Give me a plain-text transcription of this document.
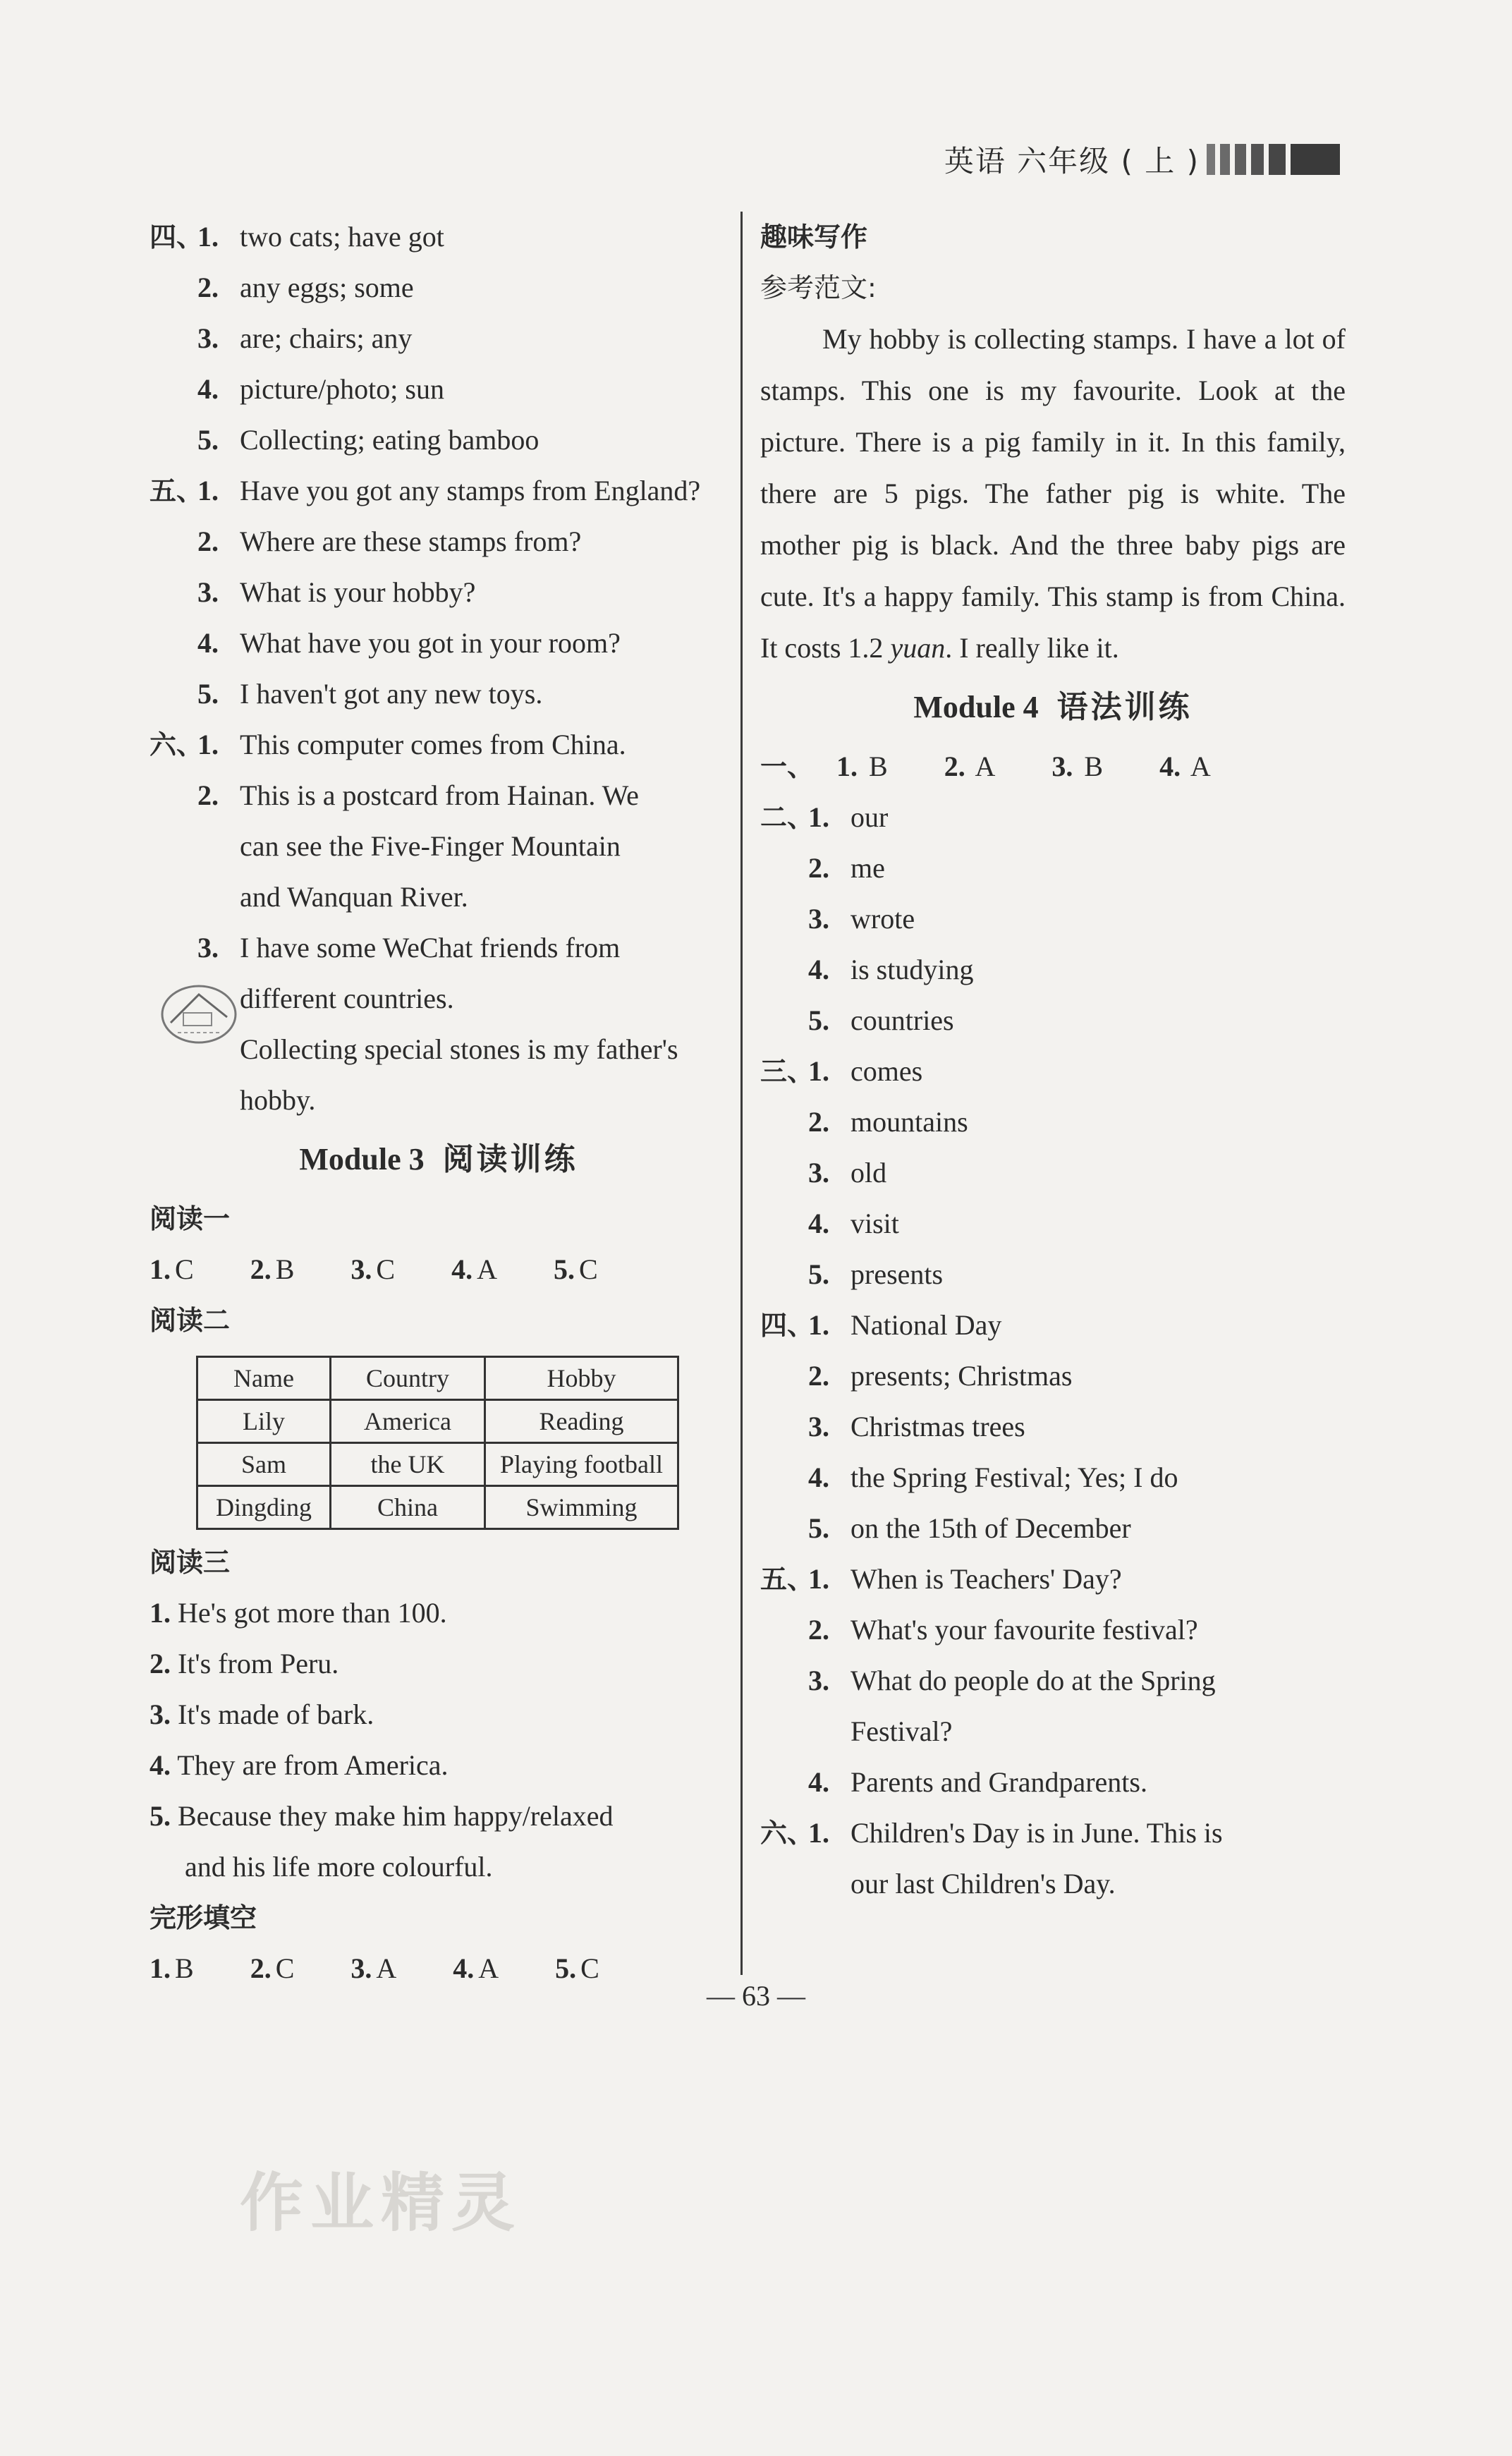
英语 六年级 ( 上 )
四、1. two cats; have got
2. any eggs; some
3. are; chairs; any
4. picture/photo; sun
5. Collecting; eating bamboo
五、1. Have you got any stamps from England?
2. Where are these stamps from?
3. What is your hobby?
4. What have you got in your room?
5. I haven't got any new toys.
六、1. This computer comes from China.
2. This is a postcard from Hainan. We
can see the Five-Finger Mountain
and Wanquan River.
3. I have some WeChat friends from
different countries.
Collecting special stones is my father's
hobby.
Module 3 阅读训练
阅读一
1. C 2. B 3. C 4. A 5. C
阅读二
Name	Country	Hobby
Lily	America	Reading
Sam	the UK	Playing football
Dingding	China	Swimming
阅读三
1. He's got more than 100.
2. It's from Peru.
3. It's made of bark.
4. They are from America.
5. Because they make him happy/relaxed
and his life more colourful.
完形填空
1. B 2. C 3. A 4. A 5. C
趣味写作
参考范文:
My hobby is collecting stamps. I have a lot of stamps. This one is my favourite. Look at the picture. There is a pig family in it. In this family, there are 5 pigs. The father pig is white. The mother pig is black. And the three baby pigs are cute. It's a happy family. This stamp is from China. It costs 1.2 yuan. I really like it.
Module 4 语法训练
一、 1. B 2. A 3. B 4. A
二、1. our
2. me
3. wrote
4. is studying
5. countries
三、1. comes
2. mountains
3. old
4. visit
5. presents
四、1. National Day
2. presents; Christmas
3. Christmas trees
4. the Spring Festival; Yes; I do
5. on the 15th of December
五、1. When is Teachers' Day?
2. What's your favourite festival?
3. What do people do at the Spring
Festival?
4. Parents and Grandparents.
六、1. Children's Day is in June. This is
our last Children's Day.
— 63 —
作业精灵
